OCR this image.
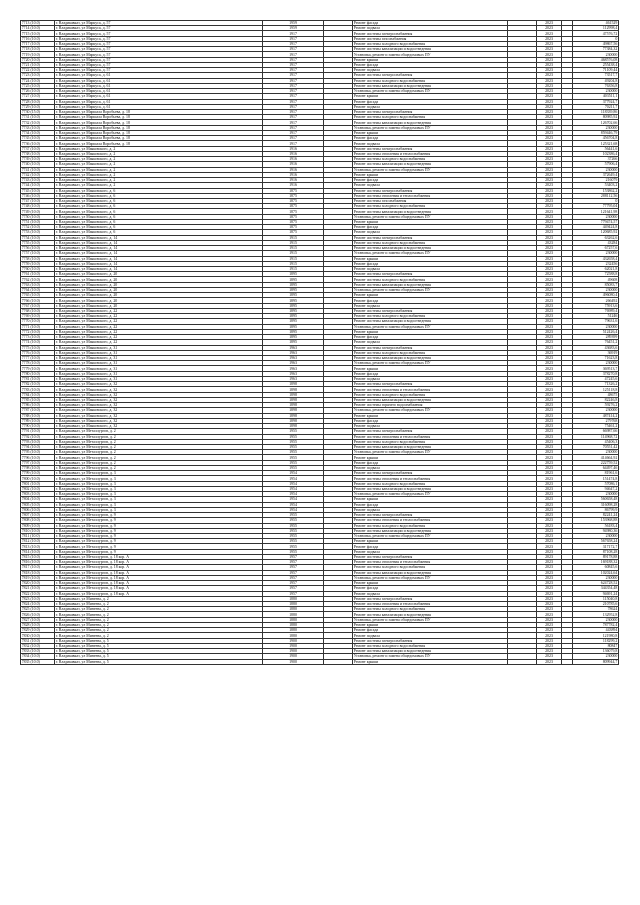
7713 (10.0)	г. Владикавказ, ул Маркуса, д. 57	1959		Ремонт фасада		2023		461529
7714 (10.0)	г. Владикавказ, ул Маркуса, д. 57	1959		Ремонт подвала		2023		112998,4
7715 (10.0)	г. Владикавказ, ул Маркуса, д. 57	1917		Ремонт системы электроснабжения		2023		47576,72
7716 (10.0)	г. Владикавказ, ул Маркуса, д. 57	1917		Ремонт системы газоснабжения		2023		0
7717 (10.0)	г. Владикавказ, ул Маркуса, д. 57	1917		Ремонт системы холодного водоснабжения		2023		49867,56
7718 (10.0)	г. Владикавказ, ул Маркуса, д. 57	1917		Ремонт системы канализации и водоотведения		2023		77384,32
7719 (10.0)	г. Владикавказ, ул Маркуса, д. 57	1917		Установка, ремонт и замена общедомовых ПУ		2023		230000
7720 (10.0)	г. Владикавказ, ул Маркуса, д. 57	1917		Ремонт крыши		2023		468576,08
7721 (10.0)	г. Владикавказ, ул Маркуса, д. 57	1917		Ремонт фасада		2023		255438,4
7722 (10.0)	г. Владикавказ, ул Маркуса, д. 57	1917		Ремонт подвала		2023		71109,44
7723 (10.0)	г. Владикавказ, ул Маркуса, д. 61	1917		Ремонт системы электроснабжения		2023		73517,7
7724 (10.0)	г. Владикавказ, ул Маркуса, д. 61	1917		Ремонт системы холодного водоснабжения		2023		49204,8
7725 (10.0)	г. Владикавказ, ул Маркуса, д. 61	1917		Ремонт системы канализации и водоотведения		2023		76356,8
7726 (10.0)	г. Владикавказ, ул Маркуса, д. 61	1917		Установка, ремонт и замена общедомовых ПУ		2023		230000
7727 (10.0)	г. Владикавказ, ул Маркуса, д. 61	1917		Ремонт крыши		2023		403511,1
7728 (10.0)	г. Владикавказ, ул Маркуса, д. 61	1917		Ремонт фасада		2023		377924,7
7729 (10.0)	г. Владикавказ, ул Маркуса, д. 61	1917		Ремонт подвала		2023		70211,7
7730 (15.0)	г. Владикавказ, ул Маршала Воробьева, д. 18	1917		Ремонт системы электроснабжения		2023		118339,86
7731 (10.0)	г. Владикавказ, ул Маршала Воробьева, д. 18	1917		Ремонт системы холодного водоснабжения		2023		80985,92
7732 (10.0)	г. Владикавказ, ул Маршала Воробьева, д. 18	1917		Ремонт системы канализации и водоотведения		2023		126702,66
7733 (10.0)	г. Владикавказ, ул Маршала Воробьева, д. 18	1917		Установка, ремонт и замена общедомовых ПУ		2023		230000
7734 (10.0)	г. Владикавказ, ул Маршала Воробьева, д. 18	1917		Ремонт крыши		2023		859446,79
7735 (10.0)	г. Владикавказ, ул Маршала Воробьева, д. 18	1917		Ремонт фасада		2023		456704,8
7736 (10.0)	г. Владикавказ, ул Маршала Воробьева, д. 18	1917		Ремонт подвала		2023		125321,68
7737 (10.0)	г. Владикавказ, ул Маяковского, д. 2	1916		Ремонт системы электроснабжения		2023		56441,6
7738 (10.0)	г. Владикавказ, ул Маяковского, д. 2	1916		Ремонт системы отопления и теплоснабжения		2023		102386,4
7739 (10.0)	г. Владикавказ, ул Маяковского, д. 2	1916		Ремонт системы холодного водоснабжения		2023		37266
7740 (10.0)	г. Владикавказ, ул Маяковского, д. 2	1916		Ремонт системы канализации и водоотведения		2023		57906,4
7741 (10.0)	г. Владикавказ, ул Маяковского, д. 2	1916		Установка, ремонт и замена общедомовых ПУ		2023		230000
7742 (10.0)	г. Владикавказ, ул Маяковского, д. 2	1916		Ремонт крыши		2023		372649,4
7743 (10.0)	г. Владикавказ, ул Маяковского, д. 2	1916		Ремонт фасада		2023		216079
7744 (10.0)	г. Владикавказ, ул Маяковского, д. 2	1916		Ремонт подвала		2023		53403,2
7745 (10.0)	г. Владикавказ, ул Маяковского, д. 6	1875		Ремонт системы электроснабжения		2023		153862,2
7746 (10.0)	г. Владикавказ, ул Маяковского, д. 6	1875		Ремонт системы отопления и теплоснабжения		2023		288112,56
7747 (10.0)	г. Владикавказ, ул Маяковского, д. 6	1875		Ремонт системы газоснабжения		2023		0
7748 (10.0)	г. Владикавказ, ул Маяковского, д. 6	1875		Ремонт системы холодного водоснабжения		2023		77795,04
7749 (10.0)	г. Владикавказ, ул Маяковского, д. 6	1875		Ремонт системы канализации и водоотведения		2023		121641,98
7750 (10.0)	г. Владикавказ, ул Маяковского, д. 6	1875		Установка, ремонт и замена общедомовых ПУ		2023		230000
7751 (10.0)	г. Владикавказ, ул Маяковского, д. 6	1875		Ремонт крыши		2023		779474,57
7752 (10.0)	г. Владикавказ, ул Маяковского, д. 6	1875		Ремонт фасада		2023		449424,8
7753 (10.0)	г. Владикавказ, ул Маяковского, д. 6	1875		Ремонт подвала		2023		120685,92
7754 (10.0)	г. Владикавказ, ул Маяковского, д. 14	1915		Ремонт системы электроснабжения		2023		63262,6
7755 (10.0)	г. Владикавказ, ул Маяковского, д. 14	1915		Ремонт системы холодного водоснабжения		2023		43284
7756 (10.0)	г. Владикавказ, ул Маяковского, д. 14	1915		Ремонт системы канализации и водоотведения		2023		67257,6
7757 (10.0)	г. Владикавказ, ул Маяковского, д. 14	1915		Установка, ремонт и замена общедомовых ПУ		2023		230000
7758 (10.0)	г. Владикавказ, ул Маяковского, д. 14	1915		Ремонт крыши		2023		432658,4
7759 (10.0)	г. Владикавказ, ул Маяковского, д. 14	1915		Ремонт фасада		2023		232456
7760 (10.0)	г. Владикавказ, ул Маяковского, д. 14	1915		Ремонт подвала		2023		62021,8
7761 (10.0)	г. Владикавказ, ул Маяковского, д. 20	1895		Ремонт системы электроснабжения		2023		72588,8
7762 (10.0)	г. Владикавказ, ул Маяковского, д. 20	1895		Ремонт системы холодного водоснабжения		2023		49608
7763 (10.0)	г. Владикавказ, ул Маяковского, д. 20	1895		Ремонт системы канализации и водоотведения		2023		85083,7
7764 (10.0)	г. Владикавказ, ул Маяковского, д. 20	1895		Установка, ремонт и замена общедомовых ПУ		2023		230000
7765 (10.0)	г. Владикавказ, ул Маяковского, д. 20	1895		Ремонт крыши		2023		496080,4
7766 (10.0)	г. Владикавказ, ул Маяковского, д. 20	1895		Ремонт фасада		2023		266492
7767 (10.0)	г. Владикавказ, ул Маяковского, д. 20	1895		Ремонт подвала		2023		75913,6
7768 (10.0)	г. Владикавказ, ул Маяковского, д. 22	1895		Ремонт системы электроснабжения		2023		76989,4
7769 (10.0)	г. Владикавказ, ул Маяковского, д. 22	1895		Ремонт системы холодного водоснабжения		2023		51246
7770 (10.0)	г. Владикавказ, ул Маяковского, д. 22	1895		Ремонт системы канализации и водоотведения		2023		79631,6
7771 (10.0)	г. Владикавказ, ул Маяковского, д. 22	1895		Установка, ремонт и замена общедомовых ПУ		2023		230000
7772 (10.0)	г. Владикавказ, ул Маяковского, д. 22	1895		Ремонт крыши		2023		512426,4
7773 (10.0)	г. Владикавказ, ул Маяковского, д. 22	1895		Ремонт фасада		2023		289399
7774 (10.0)	г. Владикавказ, ул Маяковского, д. 22	1895		Ремонт подвала		2023		76451,2
7775 (10.0)	г. Владикавказ, ул Маяковского, д. 31	1963		Ремонт системы электроснабжения		2023		43683,6
7776 (10.0)	г. Владикавказ, ул Маяковского, д. 31	1963		Ремонт системы холодного водоснабжения		2023		36919
7777 (10.0)	г. Владикавказ, ул Маяковского, д. 31	1963		Ремонт системы канализации и водоотведения		2023		71623,8
7778 (10.0)	г. Владикавказ, ул Маяковского, д. 31	1963		Установка, ремонт и замена общедомовых ПУ		2023		230000
7779 (10.0)	г. Владикавказ, ул Маяковского, д. 31	1963		Ремонт крыши		2023		369513,7
7780 (10.0)	г. Владикавказ, ул Маяковского, д. 31	1963		Ремонт фасада		2023		378270,8
7781 (10.0)	г. Владикавказ, ул Маяковского, д. 31	1963		Ремонт подвала		2023		47245,6
7782 (10.0)	г. Владикавказ, ул Маяковского, д. 32	1898		Ремонт системы электроснабжения		2023		71326,2
7783 (10.0)	г. Владикавказ, ул Маяковского, д. 32	1898		Ремонт системы отопления и теплоснабжения		2023		125118,8
7784 (10.0)	г. Владикавказ, ул Маяковского, д. 32	1898		Ремонт системы холодного водоснабжения		2023		48675
7785 (10.0)	г. Владикавказ, ул Маяковского, д. 32	1898		Ремонт системы канализации и водоотведения		2023		82246,8
7786 (10.0)	г. Владикавказ, ул Маяковского, д. 32	1898		Ремонт системы горячего водоснабжения		2023		59276,2
7787 (10.0)	г. Владикавказ, ул Маяковского, д. 32	1898		Установка, ремонт и замена общедомовых ПУ		2023		230000
7788 (10.0)	г. Владикавказ, ул Маяковского, д. 32	1898		Ремонт крыши		2023		487414,2
7789 (10.0)	г. Владикавказ, ул Маяковского, д. 32	1898		Ремонт фасада		2023		279768
7790 (10.0)	г. Владикавказ, ул Маяковского, д. 32	1898		Ремонт подвала		2023		75461,2
7791 (10.0)	г. Владикавказ, ул Металлургов, д. 2	1955		Ремонт системы электроснабжения		2023		66987,66
7792 (10.0)	г. Владикавказ, ул Металлургов, д. 2	1955		Ремонт системы отопления и теплоснабжения		2023		114968,72
7793 (10.0)	г. Владикавказ, ул Металлургов, д. 2	1955		Ремонт системы холодного водоснабжения		2023		45406,3
7794 (10.0)	г. Владикавказ, ул Металлургов, д. 2	1955		Ремонт системы канализации и водоотведения		2023		70551,42
7795 (10.0)	г. Владикавказ, ул Металлургов, д. 2	1955		Установка, ремонт и замена общедомовых ПУ		2023		230000
7796 (10.0)	г. Владикавказ, ул Металлургов, д. 2	1955		Ремонт крыши		2023		414664,92
7797 (10.0)	г. Владикавказ, ул Металлургов, д. 2	1955		Ремонт фасада		2023		222759,52
7798 (10.0)	г. Владикавказ, ул Металлургов, д. 2	1955		Ремонт подвала		2023		64497,46
7799 (10.0)	г. Владикавказ, ул Металлургов, д. 3	1954		Ремонт системы электроснабжения		2023		81961,6
7800 (10.0)	г. Владикавказ, ул Металлургов, д. 3	1954		Ремонт системы отопления и теплоснабжения		2023		151474,8
7801 (10.0)	г. Владикавказ, ул Металлургов, д. 3	1954		Ремонт системы холодного водоснабжения		2023		57086,1
7802 (10.0)	г. Владикавказ, ул Металлургов, д. 3	1954		Ремонт системы канализации и водоотведения		2023		94647,2
7803 (10.0)	г. Владикавказ, ул Металлургов, д. 3	1954		Установка, ремонт и замена общедомовых ПУ		2023		230000
7804 (10.0)	г. Владикавказ, ул Металлургов, д. 3	1954		Ремонт крыши		2023		560658,48
7805 (10.0)	г. Владикавказ, ул Металлургов, д. 3	1954		Ремонт фасада		2023		316098,28
7806 (10.0)	г. Владикавказ, ул Металлургов, д. 3	1954		Ремонт подвала		2023		86799,9
7807 (10.0)	г. Владикавказ, ул Металлургов, д. 9	1955		Ремонт системы электроснабжения		2023		82241,24
7808 (10.0)	г. Владикавказ, ул Металлургов, д. 9	1955		Ремонт системы отопления и теплоснабжения		2023		153968,88
7809 (10.0)	г. Владикавказ, ул Металлургов, д. 9	1955		Ремонт системы холодного водоснабжения		2023		56183,4
7810 (10.0)	г. Владикавказ, ул Металлургов, д. 9	1955		Ремонт системы канализации и водоотведения		2023		94980,36
7811 (10.0)	г. Владикавказ, ул Металлургов, д. 9	1955		Установка, ремонт и замена общедомовых ПУ		2023		230000
7812 (10.0)	г. Владикавказ, ул Металлургов, д. 9	1955		Ремонт крыши		2023		567658,24
7813 (10.0)	г. Владикавказ, ул Металлургов, д. 9	1955		Ремонт фасада		2023		317172,7
7814 (10.0)	г. Владикавказ, ул Металлургов, д. 9	1955		Ремонт подвала		2023		87108,28
7815 (10.0)	г. Владикавказ, ул Металлургов, д. 18 кор. А	1957		Ремонт системы электроснабжения		2023		89178,88
7816 (10.0)	г. Владикавказ, ул Металлургов, д. 18 кор. А	1957		Ремонт системы отопления и теплоснабжения		2023		169188,32
7817 (10.0)	г. Владикавказ, ул Металлургов, д. 18 кор. А	1957		Ремонт системы холодного водоснабжения		2023		60845,6
7818 (10.0)	г. Владикавказ, ул Металлургов, д. 18 кор. А	1957		Ремонт системы канализации и водоотведения		2023		102024,64
7819 (10.0)	г. Владикавказ, ул Металлургов, д. 18 кор. А	1957		Установка, ремонт и замена общедомовых ПУ		2023		230000
7820 (10.0)	г. Владикавказ, ул Металлургов, д. 18 кор. А	1957		Ремонт крыши		2023		624728,52
7821 (10.0)	г. Владикавказ, ул Металлургов, д. 18 кор. А	1957		Ремонт фасада		2023		344354,48
7822 (10.0)	г. Владикавказ, ул Металлургов, д. 18 кор. А	1957		Ремонт подвала		2023		94691,24
7823 (10.0)	г. Владикавказ, ул Минеева, д. 2	1880		Ремонт системы электроснабжения		2023		115040,8
7824 (10.0)	г. Владикавказ, ул Минеева, д. 2	1880		Ремонт системы отопления и теплоснабжения		2023		210785,6
7825 (10.0)	г. Владикавказ, ул Минеева, д. 2	1880		Ремонт системы холодного водоснабжения		2023		78624
7826 (10.0)	г. Владикавказ, ул Минеева, д. 2	1880		Ремонт системы канализации и водоотведения		2023		132952,8
7827 (10.0)	г. Владикавказ, ул Минеева, д. 2	1880		Установка, ремонт и замена общедомовых ПУ		2023		230000
7828 (10.0)	г. Владикавказ, ул Минеева, д. 2	1880		Ремонт крыши		2023		787782,4
7829 (10.0)	г. Владикавказ, ул Минеева, д. 2	1880		Ремонт фасада		2023		443894
7830 (10.0)	г. Владикавказ, ул Минеева, д. 2	1880		Ремонт подвала		2023		121980,8
7831 (10.0)	г. Владикавказ, ул Минеева, д. 5	1900		Ремонт системы электроснабжения		2023		118299,2
7832 (10.0)	г. Владикавказ, ул Минеева, д. 5	1900		Ремонт системы холодного водоснабжения		2023		80847
7833 (10.0)	г. Владикавказ, ул Минеева, д. 5	1900		Ремонт системы канализации и водоотведения		2023		136079,8
7834 (10.0)	г. Владикавказ, ул Минеева, д. 5	1900		Установка, ремонт и замена общедомовых ПУ		2023		230000
7835 (10.0)	г. Владикавказ, ул Минеева, д. 5	1900		Ремонт крыши		2023		809944,7
